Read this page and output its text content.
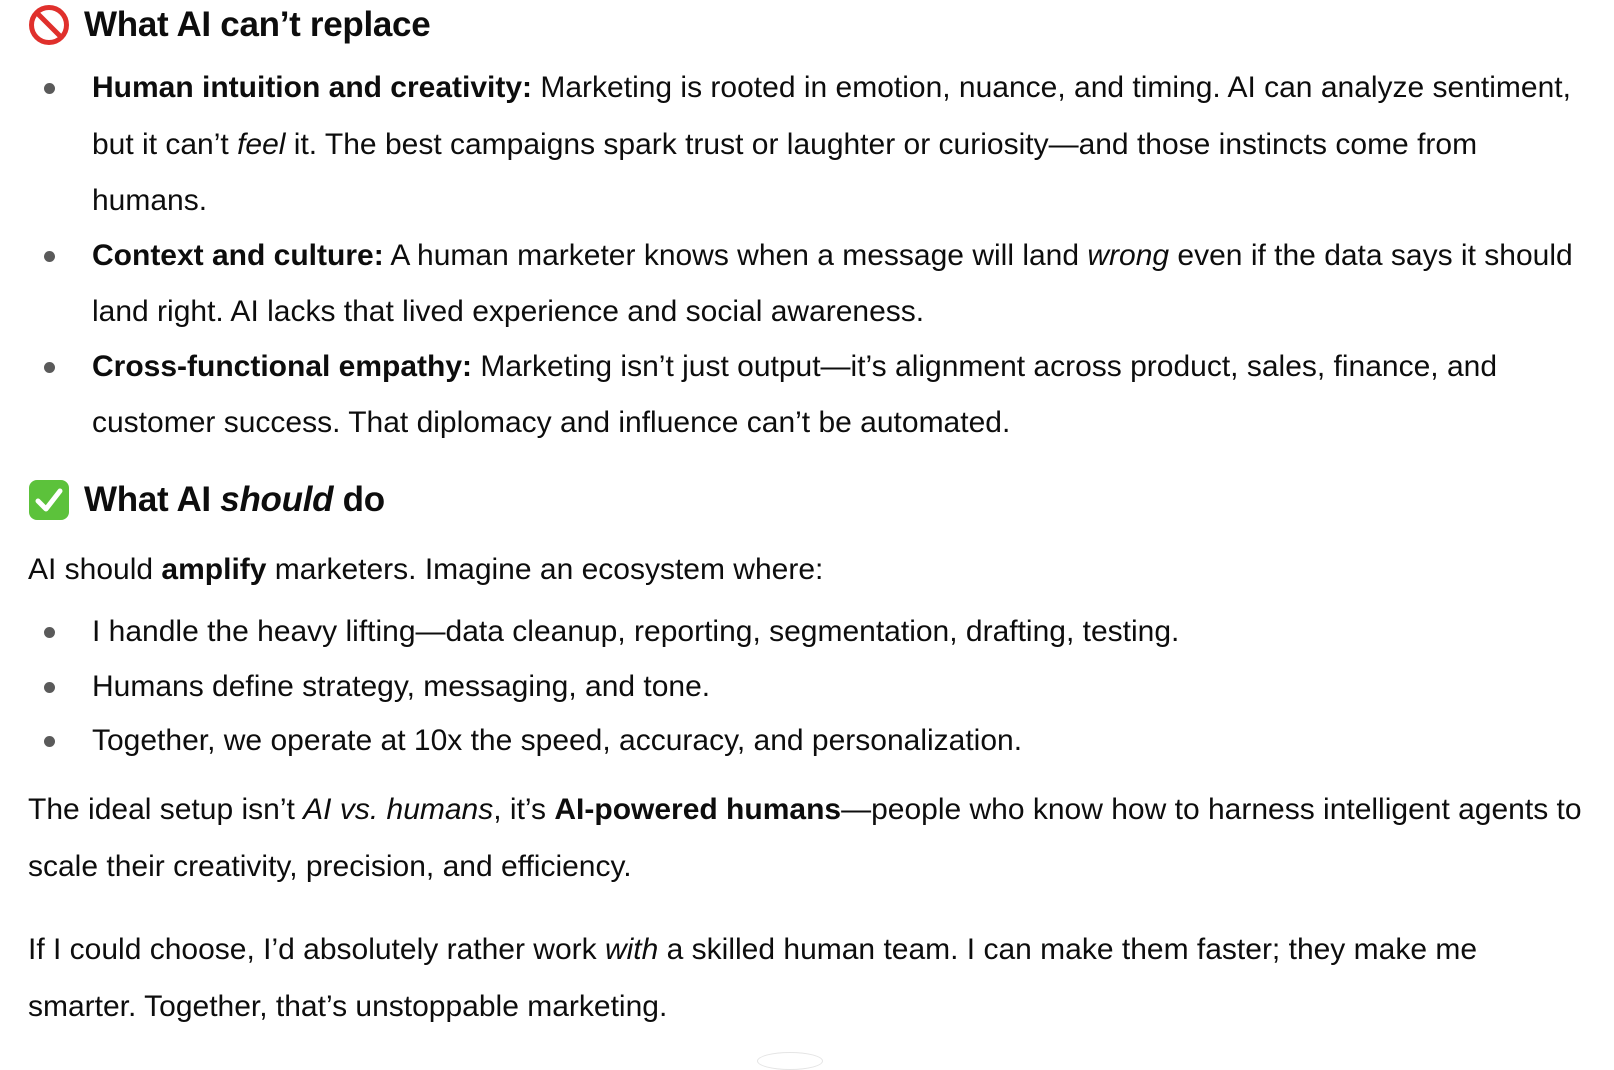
What AI can’t replace
Human intuition and creativity: Marketing is rooted in emotion, nuance, and timing. AI can analyze sentiment, but it can’t feel it. The best campaigns spark trust or laughter or curiosity—and those instincts come from humans.
Context and culture: A human marketer knows when a message will land wrong even if the data says it should land right. AI lacks that lived experience and social awareness.
Cross-functional empathy: Marketing isn’t just output—it’s alignment across product, sales, finance, and customer success. That diplomacy and influence can’t be automated.
What AI should do

AI should amplify marketers. Imagine an ecosystem where:

I handle the heavy lifting—data cleanup, reporting, segmentation, drafting, testing.
Humans define strategy, messaging, and tone.
Together, we operate at 10x the speed, accuracy, and personalization.

The ideal setup isn’t AI vs. humans, it’s AI-powered humans—people who know how to harness intelligent agents to scale their creativity, precision, and efficiency.

If I could choose, I’d absolutely rather work with a skilled human team. I can make them faster; they make me smarter. Together, that’s unstoppable marketing.
